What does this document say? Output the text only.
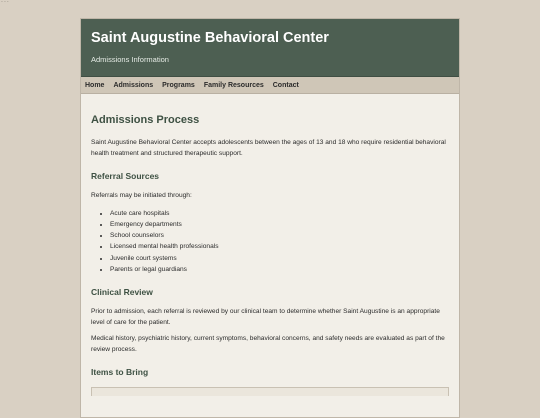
...
Saint Augustine Behavioral Center
Admissions Information
Home Admissions Programs Family Resources Contact
Admissions Process

Saint Augustine Behavioral Center accepts adolescents between the ages of 13 and 18 who require residential behavioral health treatment and structured therapeutic support.

Referral Sources

Referrals may be initiated through:

• Acute care hospitals
• Emergency departments
• School counselors
• Licensed mental health professionals
• Juvenile court systems
• Parents or legal guardians
Clinical Review

Prior to admission, each referral is reviewed by our clinical team to determine whether Saint Augustine is an appropriate level of care for the patient.

Medical history, psychiatric history, current symptoms, behavioral concerns, and safety needs are evaluated as part of the review process.

Items to Bring
